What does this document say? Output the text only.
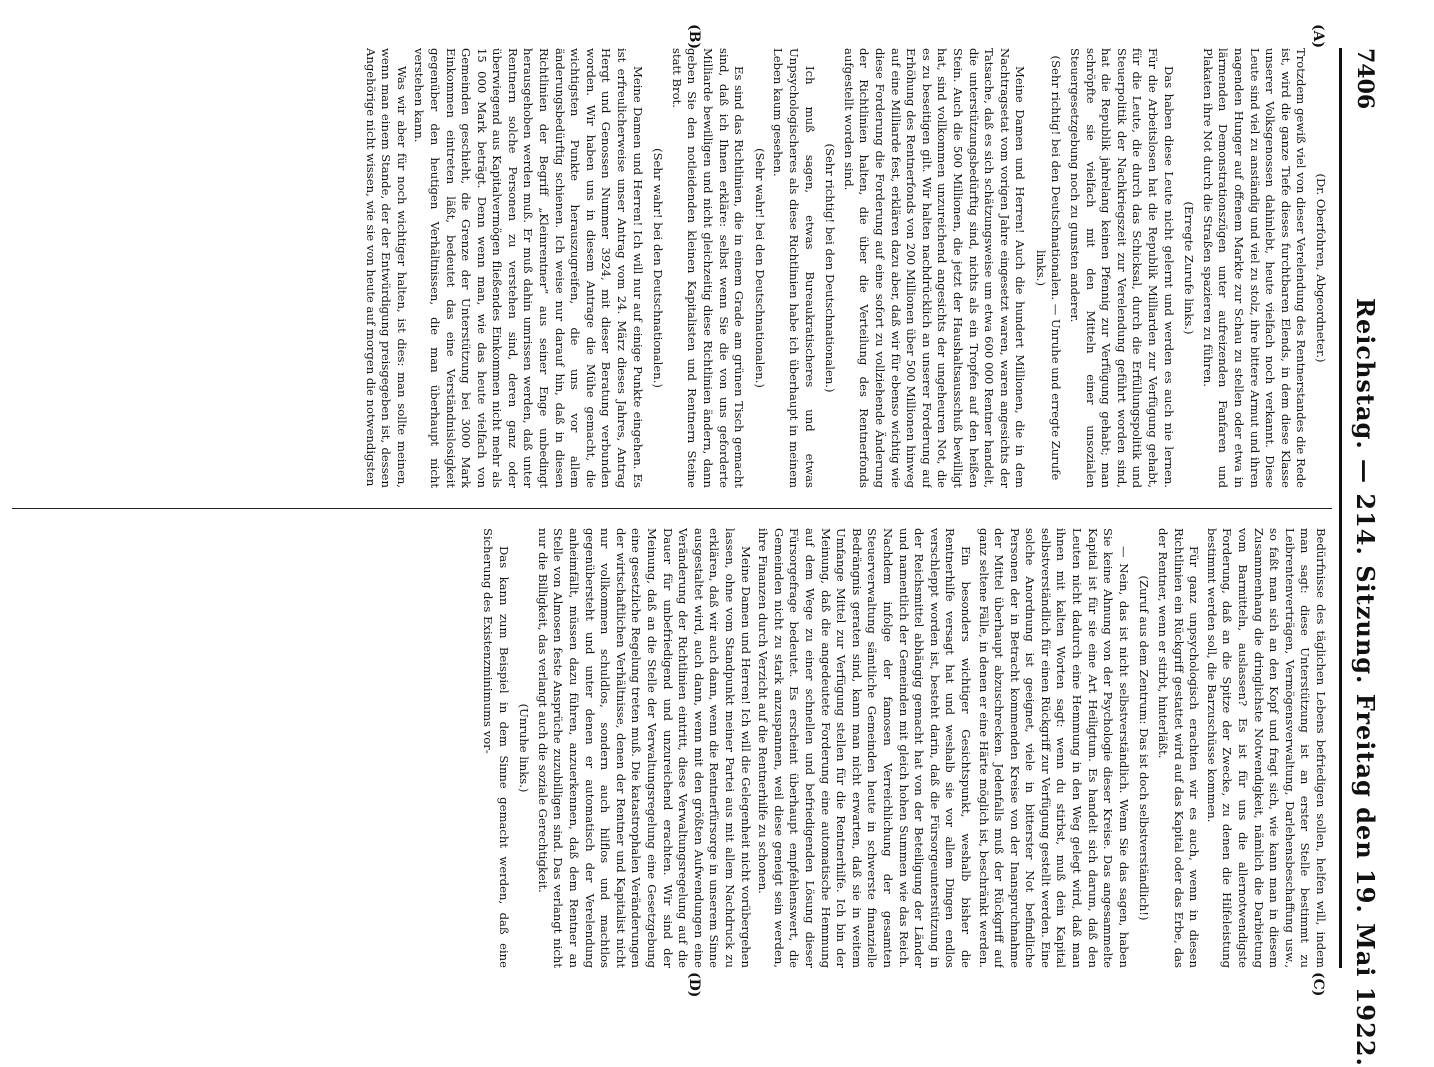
7406
Reichstag. — 214. Sitzung. Freitag den 19. Mai 1922.
(A)
(B)
(C)
(D)
(Dr. Oberfohren, Abgeordneter.)

Trotzdem gewiß viel von dieser Verelendung des Rentnerstandes die Rede ist, wird die ganze Tiefe dieses furchtbaren Elends, in dem diese Klasse unserer Volksgenossen dahinlebt, heute vielfach noch verkannt. Diese Leute sind viel zu anständig und viel zu stolz, ihre bittere Armut und ihren nagenden Hunger auf offenem Markte zur Schau zu stellen oder etwa in lärmenden Demonstrationszügen unter aufreizenden Fanfaren und Plakaten ihre Not durch die Straßen spazieren zu führen.

(Erregte Zurufe links.)

Das haben diese Leute nicht gelernt und werden es auch nie lernen. Für die Arbeitslosen hat die Republik Milliarden zur Verfügung gehabt, für die Leute, die durch das Schicksal, durch die Erfüllungspolitik und Steuerpolitik der Nachkriegszeit zur Verelendung geführt worden sind, hat die Republik jahrelang keinen Pfennig zur Verfügung gehabt; man schröpfte sie vielfach mit den Mitteln einer unsozialen Steuergesetzgebung noch zu gunsten anderer.

(Sehr richtig! bei den Deutschnationalen. — Unruhe und erregte Zurufe links.)

Meine Damen und Herren! Auch die hundert Millionen, die in dem Nachtragsetat vom vorigen Jahre eingesetzt waren, waren angesichts der Tatsache, daß es sich schätzungsweise um etwa 600 000 Rentner handelt, die unterstützungsbedürftig sind, nichts als ein Tropfen auf den heißen Stein. Auch die 500 Millionen, die jetzt der Haushaltsausschuß bewilligt hat, sind vollkommen unzureichend angesichts der ungeheuren Not, die es zu beseitigen gilt. Wir halten nachdrücklich an unserer Forderung auf Erhöhung des Rentnerfonds von 200 Millionen über 500 Millionen hinweg auf eine Milliarde fest, erklären dazu aber, daß wir für ebenso wichtig wie diese Forderung die Forderung auf eine sofort zu vollziehende Änderung der Richtlinien halten, die über die Verteilung des Rentnerfonds aufgestellt worden sind.

(Sehr richtig! bei den Deutschnationalen.)

Ich muß sagen, etwas Bureaukratischeres und etwas Unpsychologischeres als diese Richtlinien habe ich überhaupt in meinem Leben kaum gesehen.

(Sehr wahr! bei den Deutschnationalen.)

Es sind das Richtlinien, die in einem Grade am grünen Tisch gemacht sind, daß ich Ihnen erkläre: selbst wenn Sie die von uns geforderte Milliarde bewilligen und nicht gleichzeitig diese Richtlinien ändern, dann geben Sie den notleidenden kleinen Kapitalisten und Rentnern Steine statt Brot.

(Sehr wahr! bei den Deutschnationalen.)

Meine Damen und Herren! Ich will nur auf einige Punkte eingehen. Es ist erfreulicherweise unser Antrag vom 24. März dieses Jahres, Antrag Hergt und Genossen Nummer 3924, mit dieser Beratung verbunden worden. Wir haben uns in diesem Antrage die Mühe gemacht, die wichtigsten Punkte herauszugreifen, die uns vor allem änderungsbedürftig schienen. Ich weise nur darauf hin, daß in diesen Richtlinien der Begriff „Kleinrentner“ aus seiner Enge unbedingt herausgehoben werden muß. Er muß dahin umrissen werden, daß unter Rentnern solche Personen zu verstehen sind, deren ganz oder überwiegend aus Kapitalvermögen fließendes Einkommen nicht mehr als 15 000 Mark beträgt. Denn wenn man, wie das heute vielfach von Gemeinden geschieht, die Grenze der Unterstützung bei 3000 Mark Einkommen eintreten läßt, bedeutet das eine Verständnislosigkeit gegenüber den heutigen Verhältnissen, die man überhaupt nicht verstehen kann.

Was wir aber für noch wichtiger halten, ist dies: man sollte meinen, wenn man einem Stande, der der Entwürdigung preisgegeben ist, dessen Angehörige nicht wissen, wie sie von heute auf morgen die notwendigsten

Bedürfnisse des täglichen Lebens befriedigen sollen, helfen will, indem man sagt: diese Unterstützung ist an erster Stelle bestimmt zu Leibrentenverträgen, Vermögensverwaltung, Darlehensbeschaffung usw., so faßt man sich an den Kopf und fragt sich, wie kann man in diesem Zusammenhang die dringlichste Notwendigkeit, nämlich die Darbietung vom Barmitteln, auslassen? Es ist für uns die allernotwendigste Forderung, daß an die Spitze der Zwecke, zu denen die Hilfeleistung bestimmt werden soll, die Barzuschüsse kommen.

Für ganz unpsychologisch erachten wir es auch, wenn in diesen Richtlinien ein Rückgriff gestattet wird auf das Kapital oder das Erbe, das der Rentner, wenn er stirbt, hinterläßt.

(Zuruf aus dem Zentrum: Das ist doch selbstverständlich!)

— Nein, das ist nicht selbstverständlich. Wenn Sie das sagen, haben Sie keine Ahnung von der Psychologie dieser Kreise. Das angesammelte Kapital ist für sie eine Art Heiligtum. Es handelt sich darum, daß den Leuten nicht dadurch eine Hemmung in den Weg gelegt wird, daß man ihnen mit kalten Worten sagt: wenn du stirbst, muß dein Kapital selbstverständlich für einen Rückgriff zur Verfügung gestellt werden. Eine solche Anordnung ist geeignet, viele in bitterster Not befindliche Personen der in Betracht kommenden Kreise von der Inanspruchnahme der Mittel überhaupt abzuschrecken. Jedenfalls muß der Rückgriff auf ganz seltene Fälle, in denen er eine Härte möglich ist, beschränkt werden.

Ein besonders wichtiger Gesichtspunkt, weshalb bisher die Rentnerhilfe versagt hat und weshalb sie vor allem Dingen endlos verschleppt worden ist, besteht darin, daß die Fürsorgeunterstützung in der Reichsmittel abhängig gemacht hat von der Beteiligung der Länder und namentlich der Gemeinden mit gleich hohen Summen wie das Reich. Nachdem infolge der famosen Verreichlichung der gesamten Steuerverwaltung sämtliche Gemeinden heute in schwerste finanzielle Bedrängnis geraten sind, kann man nicht erwarten, daß sie in weitem Umfange Mittel zur Verfügung stellen für die Rentnerhilfe. Ich bin der Meinung, daß die angedeutete Forderung eine automatische Hemmung auf dem Wege zu einer schnellen und befriedigenden Lösung dieser Fürsorgefrage bedeutet. Es erscheint überhaupt empfehlenswert, die Gemeinden nicht zu stark anzuspannen, weil diese geneigt sein werden, ihre Finanzen durch Verzicht auf die Rentnerhilfe zu schonen.

Meine Damen und Herren! Ich will die Gelegenheit nicht vorübergehen lassen, ohne vom Standpunkt meiner Partei aus mit allem Nachdruck zu erklären, daß wir auch dann, wenn die Rentnerfürsorge in unserem Sinne ausgestaltet wird, auch dann, wenn mit den größten Aufwendungen eine Veränderung der Richtlinien eintritt, diese Verwaltungsregelung auf die Dauer für unbefriedigend und unzureichend erachten. Wir sind der Meinung, daß an die Stelle der Verwaltungsregelung eine Gesetzgebung eine gesetzliche Regelung treten muß. Die katastrophalen Veränderungen der wirtschaftlichen Verhältnisse, denen der Rentner und Kapitalist nicht nur vollkommen schuldlos, sondern auch hilflos und machtlos gegenübersteht und unter denen er automatisch der Verelendung anheimfällt, müssen dazu führen, anzuerkennen, daß dem Rentner an Stelle von Almosen feste Ansprüche zuzubilligen sind. Das verlangt nicht nur die Billigkeit, das verlangt auch die soziale Gerechtigkeit.

(Unruhe links.)

Das kann zum Beispiel in dem Sinne gemacht werden, daß eine Sicherung des Existenzminimums vor-
